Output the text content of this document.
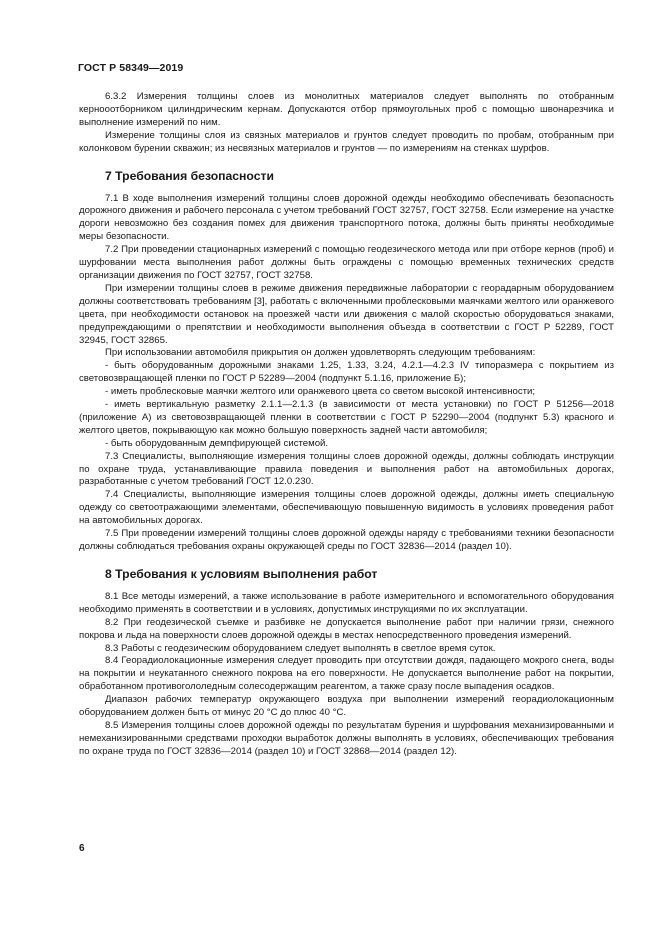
ГОСТ Р 58349—2019

6.3.2 Измерения толщины слоев из монолитных материалов следует выполнять по отобранным кернооотборником цилиндрическим кернам. Допускаются отбор прямоугольных проб с помощью швонарезчика и выполнение измерений по ним.

Измерение толщины слоя из связных материалов и грунтов следует проводить по пробам, отобранным при колонковом бурении скважин; из несвязных материалов и грунтов — по измерениям на стенках шурфов.

7 Требования безопасности

7.1 В ходе выполнения измерений толщины слоев дорожной одежды необходимо обеспечивать безопасность дорожного движения и рабочего персонала с учетом требований ГОСТ 32757, ГОСТ 32758. Если измерение на участке дороги невозможно без создания помех для движения транспортного потока, должны быть приняты необходимые меры безопасности.

7.2 При проведении стационарных измерений с помощью геодезического метода или при отборе кернов (проб) и шурфовании места выполнения работ должны быть ограждены с помощью временных технических средств организации движения по ГОСТ 32757, ГОСТ 32758.

При измерении толщины слоев в режиме движения передвижные лаборатории с георадарным оборудованием должны соответствовать требованиям [3], работать с включенными проблесковыми маячками желтого или оранжевого цвета, при необходимости остановок на проезжей части или движения с малой скоростью оборудоваться знаками, предупреждающими о препятствии и необходимости выполнения объезда в соответствии с ГОСТ Р 52289, ГОСТ 32945, ГОСТ 32865.

При использовании автомобиля прикрытия он должен удовлетворять следующим требованиям:

- быть оборудованным дорожными знаками 1.25, 1.33, 3.24, 4.2.1—4.2.3 IV типоразмера с покрытием из световозвращающей пленки по ГОСТ Р 52289—2004 (подпункт 5.1.16, приложение Б);

- иметь проблесковые маячки желтого или оранжевого цвета со светом высокой интенсивности;

- иметь вертикальную разметку 2.1.1—2.1.3 (в зависимости от места установки) по ГОСТ Р 51256—2018 (приложение А) из световозвращающей пленки в соответствии с ГОСТ Р 52290—2004 (подпункт 5.3) красного и желтого цветов, покрывающую как можно большую поверхность задней части автомобиля;

- быть оборудованным демпфирующей системой.

7.3 Специалисты, выполняющие измерения толщины слоев дорожной одежды, должны соблюдать инструкции по охране труда, устанавливающие правила поведения и выполнения работ на автомобильных дорогах, разработанные с учетом требований ГОСТ 12.0.230.

7.4 Специалисты, выполняющие измерения толщины слоев дорожной одежды, должны иметь специальную одежду со светоотражающими элементами, обеспечивающую повышенную видимость в условиях проведения работ на автомобильных дорогах.

7.5 При проведении измерений толщины слоев дорожной одежды наряду с требованиями техники безопасности должны соблюдаться требования охраны окружающей среды по ГОСТ 32836—2014 (раздел 10).

8 Требования к условиям выполнения работ

8.1 Все методы измерений, а также использование в работе измерительного и вспомогательного оборудования необходимо применять в соответствии и в условиях, допустимых инструкциями по их эксплуатации.

8.2 При геодезической съемке и разбивке не допускается выполнение работ при наличии грязи, снежного покрова и льда на поверхности слоев дорожной одежды в местах непосредственного проведения измерений.

8.3 Работы с геодезическим оборудованием следует выполнять в светлое время суток.

8.4 Георадиолокационные измерения следует проводить при отсутствии дождя, падающего мокрого снега, воды на покрытии и неукатанного снежного покрова на его поверхности. Не допускается выполнение работ на покрытии, обработанном противогололедным солесодержащим реагентом, а также сразу после выпадения осадков.

Диапазон рабочих температур окружающего воздуха при выполнении измерений георадиолокационным оборудованием должен быть от минус 20 °С до плюс 40 °С.

8.5 Измерения толщины слоев дорожной одежды по результатам бурения и шурфования механизированными и немеханизированными средствами проходки выработок должны выполнять в условиях, обеспечивающих требования по охране труда по ГОСТ 32836—2014 (раздел 10) и ГОСТ 32868—2014 (раздел 12).

6
